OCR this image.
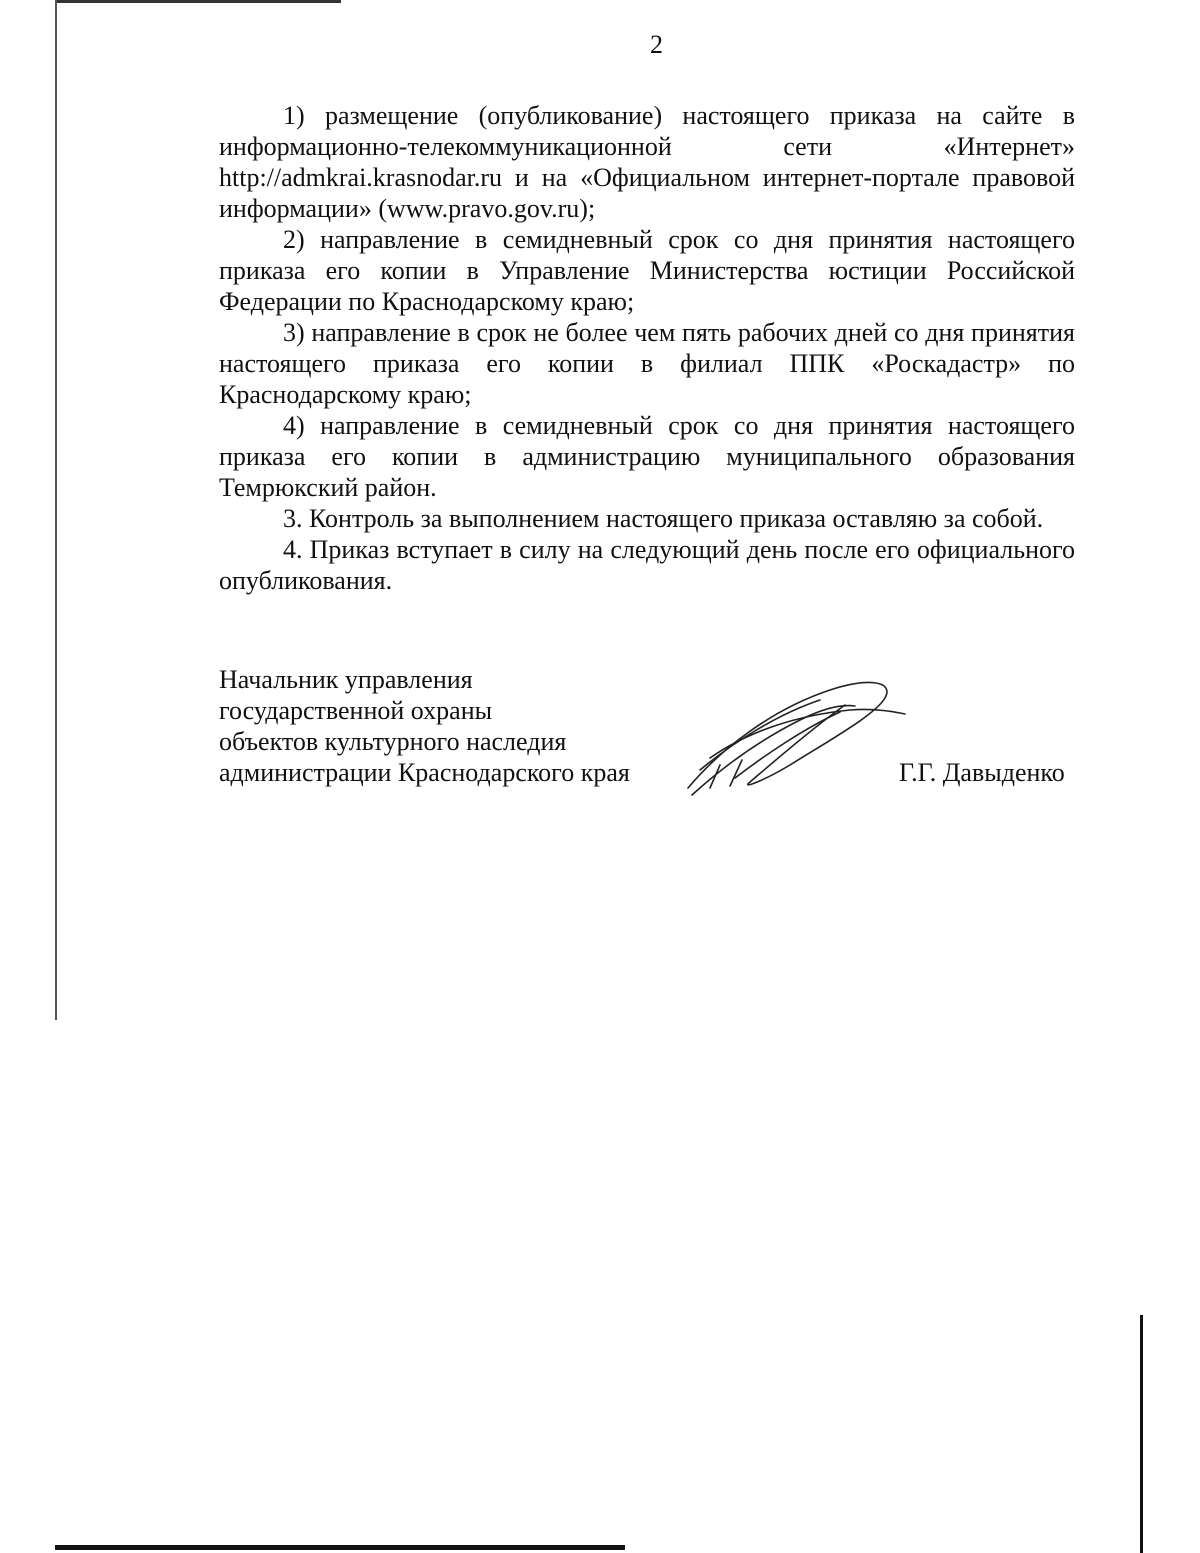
2

1) размещение (опубликование) настоящего приказа на сайте в информационно-телекоммуникационной сети «Интернет» http://admkrai.krasnodar.ru и на «Официальном интернет-портале правовой информации» (www.pravo.gov.ru);

2) направление в семидневный срок со дня принятия настоящего приказа его копии в Управление Министерства юстиции Российской Федерации по Краснодарскому краю;

3) направление в срок не более чем пять рабочих дней со дня принятия настоящего приказа его копии в филиал ППК «Роскадастр» по Краснодарскому краю;

4) направление в семидневный срок со дня принятия настоящего приказа его копии в администрацию муниципального образования Темрюкский район.

3. Контроль за выполнением настоящего приказа оставляю за собой.

4. Приказ вступает в силу на следующий день после его официального опубликования.

Начальник управления
государственной охраны
объектов культурного наследия
администрации Краснодарского края	Г.Г. Давыденко
